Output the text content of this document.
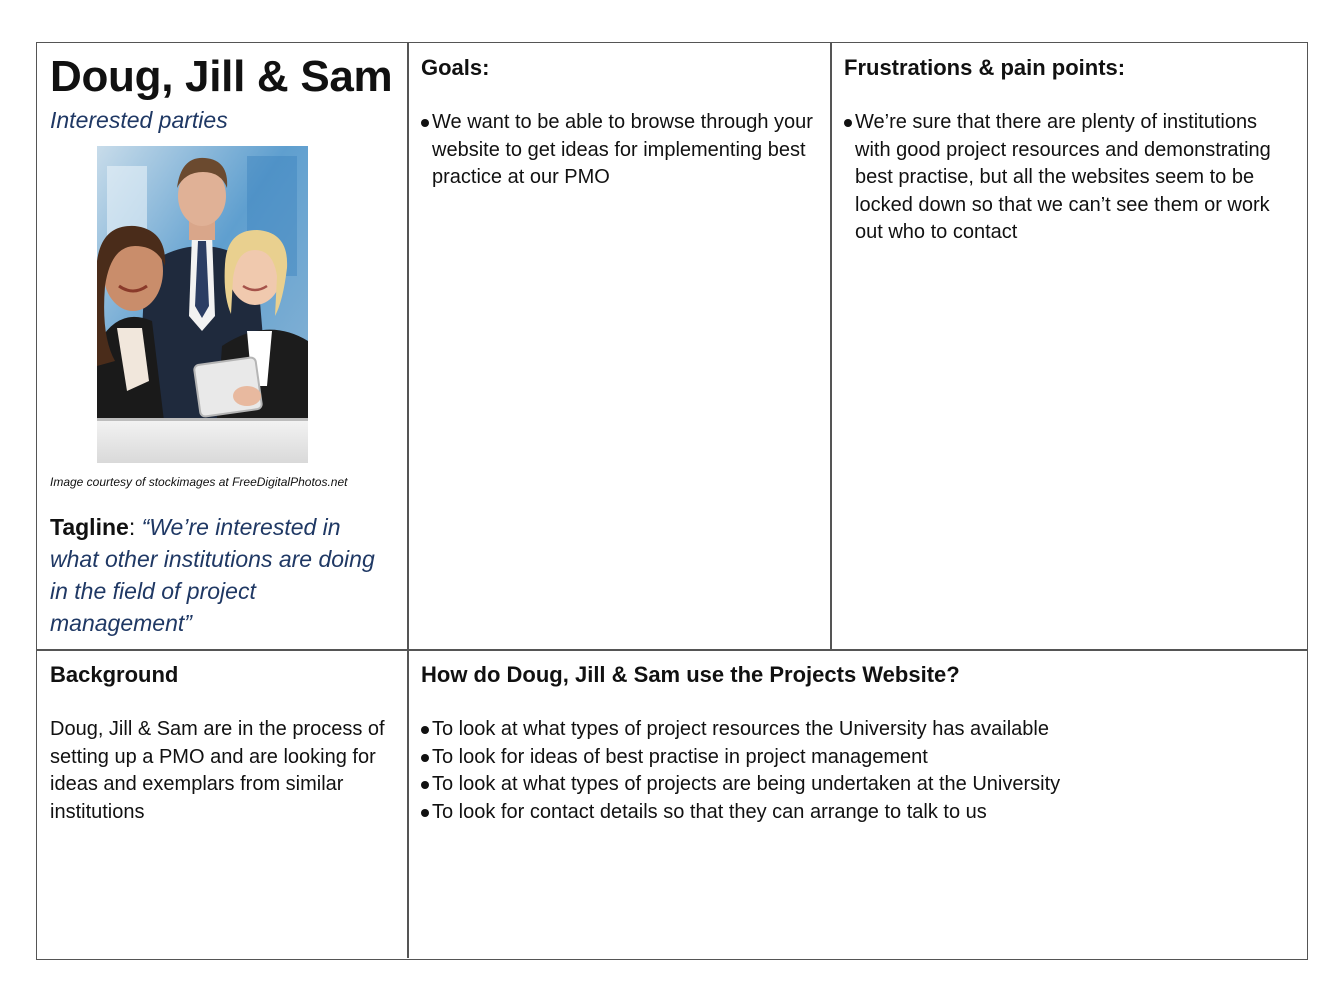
Doug, Jill & Sam
Interested parties
Image courtesy of stockimages at FreeDigitalPhotos.net
Tagline: “We’re interested in what other institutions are doing in the field of project management”
Goals:
We want to be able to browse through your website to get ideas for implementing best practice at our PMO
Frustrations & pain points:
We’re sure that there are plenty of institutions with good project resources and demonstrating best practise, but all the websites seem to be locked down so that we can’t see them or work out who to contact
Background
Doug, Jill & Sam are in the process of setting up a PMO and are looking for ideas and exemplars from similar institutions
How do Doug, Jill & Sam use the Projects Website?
To look at what types of project resources the University has available
To look for ideas of best practise in project management
To look at what types of projects are being undertaken at the University
To look for contact details so that they can arrange to talk to us
